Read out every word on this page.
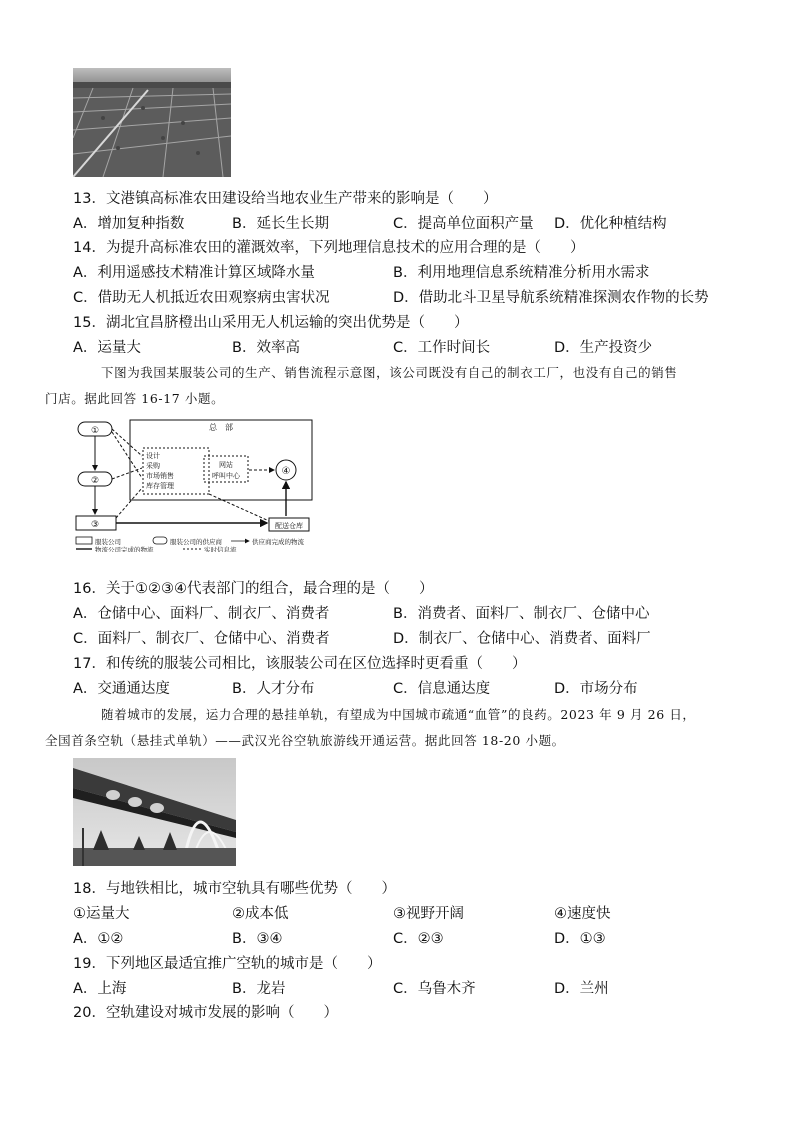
13．文港镇高标准农田建设给当地农业生产带来的影响是（　　）
A．增加复种指数	B．延长生长期	C．提高单位面积产量 D．优化种植结构
14．为提升高标准农田的灌溉效率，下列地理信息技术的应用合理的是（　　）
A．利用遥感技术精准计算区域降水量	B．利用地理信息系统精准分析用水需求
C．借助无人机抵近农田观察病虫害状况	D．借助北斗卫星导航系统精准探测农作物的长势
15．湖北宜昌脐橙出山采用无人机运输的突出优势是（　　）
A．运量大	B．效率高	C．工作时间长	D．生产投资少
下图为我国某服装公司的生产、销售流程示意图，该公司既没有自己的制衣工厂，也没有自己的销售
门店。据此回答 16-17 小题。
总　部
设计
采购
市场销售
库存管理
网站
呼叫中心
①
②
③
④
配送仓库
服装公司	服装公司的供应商	供应商完成的物流
物流公司完成的物流	实时信息流
16．关于①②③④代表部门的组合，最合理的是（　　）
A．仓储中心、面料厂、制衣厂、消费者	B．消费者、面料厂、制衣厂、仓储中心
C．面料厂、制衣厂、仓储中心、消费者	D．制衣厂、仓储中心、消费者、面料厂
17．和传统的服装公司相比，该服装公司在区位选择时更看重（　　）
A．交通通达度	B．人才分布	C．信息通达度	D．市场分布
随着城市的发展，运力合理的悬挂单轨，有望成为中国城市疏通“血管”的良药。2023 年 9 月 26 日，
全国首条空轨（悬挂式单轨）——武汉光谷空轨旅游线开通运营。据此回答 18-20 小题。
18．与地铁相比，城市空轨具有哪些优势（　　）
①运量大	②成本低	③视野开阔	④速度快
A．①②	B．③④	C．②③	D．①③
19．下列地区最适宜推广空轨的城市是（　　）
A．上海	B．龙岩	C．乌鲁木齐	D．兰州
20．空轨建设对城市发展的影响（　　）
